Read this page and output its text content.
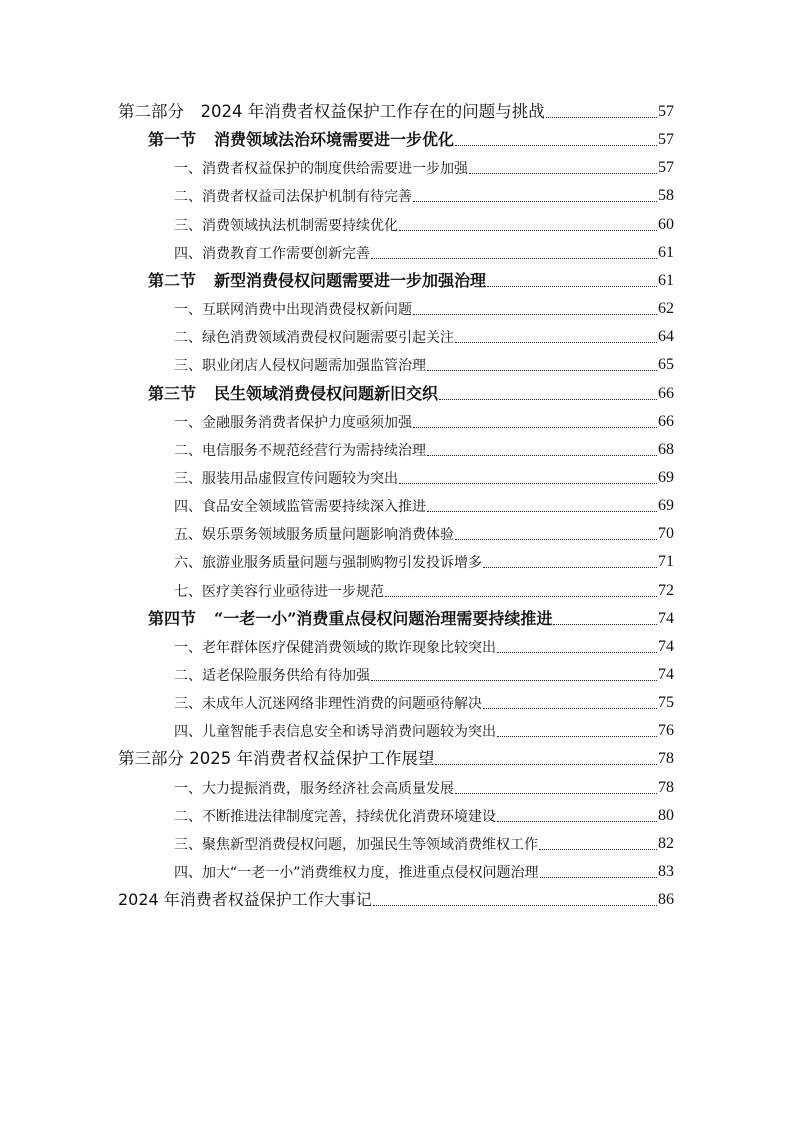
第二部分　2024 年消费者权益保护工作存在的问题与挑战	57
第一节 消费领域法治环境需要进一步优化	57
一、消费者权益保护的制度供给需要进一步加强	57
二、消费者权益司法保护机制有待完善	58
三、消费领域执法机制需要持续优化	60
四、消费教育工作需要创新完善	61
第二节 新型消费侵权问题需要进一步加强治理	61
一、互联网消费中出现消费侵权新问题	62
二、绿色消费领域消费侵权问题需要引起关注	64
三、职业闭店人侵权问题需加强监管治理	65
第三节 民生领域消费侵权问题新旧交织	66
一、金融服务消费者保护力度亟须加强	66
二、电信服务不规范经营行为需持续治理	68
三、服装用品虚假宣传问题较为突出	69
四、食品安全领域监管需要持续深入推进	69
五、娱乐票务领域服务质量问题影响消费体验	70
六、旅游业服务质量问题与强制购物引发投诉增多	71
七、医疗美容行业亟待进一步规范	72
第四节 “一老一小”消费重点侵权问题治理需要持续推进	74
一、老年群体医疗保健消费领域的欺诈现象比较突出	74
二、适老保险服务供给有待加强	74
三、未成年人沉迷网络非理性消费的问题亟待解决	75
四、儿童智能手表信息安全和诱导消费问题较为突出	76
第三部分 2025 年消费者权益保护工作展望	78
一、大力提振消费，服务经济社会高质量发展	78
二、不断推进法律制度完善，持续优化消费环境建设	80
三、聚焦新型消费侵权问题，加强民生等领域消费维权工作	82
四、加大“一老一小”消费维权力度，推进重点侵权问题治理	83
2024 年消费者权益保护工作大事记	86
